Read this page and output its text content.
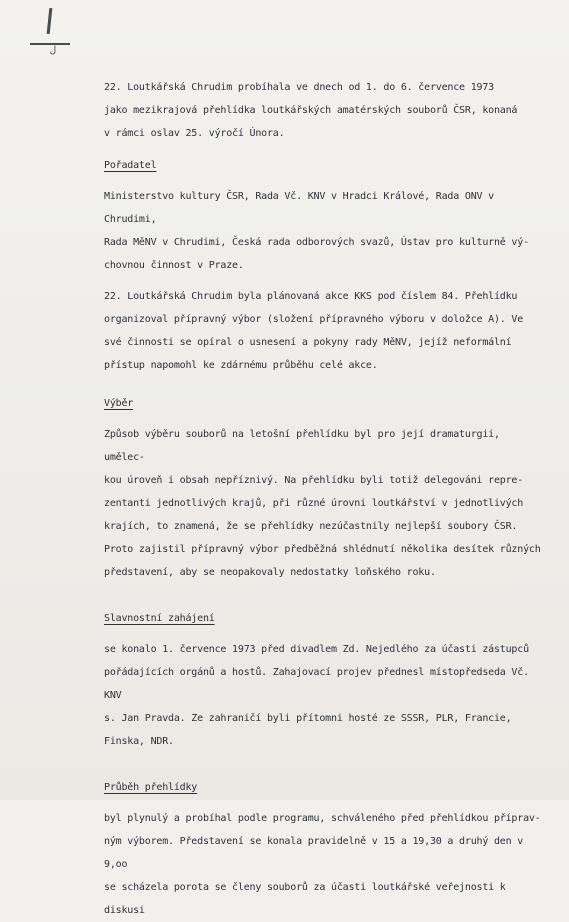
ل

22. Loutkářská Chrudim probíhala ve dnech od 1. do 6. července 1973
jako mezikrajová přehlídka loutkářských amatérských souborů ČSR, konaná
v rámci oslav 25. výročí Února.

Pořadatel

Ministerstvo kultury ČSR, Rada Vč. KNV v Hradci Králové, Rada ONV v Chrudimi,
Rada MěNV v Chrudimi, Česká rada odborových svazů, Ústav pro kulturně vý-
chovnou činnost v Praze.

22. Loutkářská Chrudim byla plánovaná akce KKS pod číslem 84. Přehlídku
organizoval přípravný výbor (složení přípravného výboru v doložce A). Ve
své činnosti se opíral o usnesení a pokyny rady MěNV, jejíž neformální
přístup napomohl ke zdárnému průběhu celé akce.

Výběr

Způsob výběru souborů na letošní přehlídku byl pro její dramaturgii, uměleс-
kou úroveň i obsah nepříznivý. Na přehlídku byli totiž delegováni repre-
zentanti jednotlivých krajů, při různé úrovni loutkářství v jednotlivých
krajích, to znamená, že se přehlídky nezúčastnily nejlepší soubory ČSR.
Proto zajistil přípravný výbor předběžná shlédnutí několika desítek různých
představení, aby se neopakovaly nedostatky loňského roku.

Slavnostní zahájení

se konalo 1. července 1973 před divadlem Zd. Nejedlého za účasti zástupců
pořádajících orgánů a hostů. Zahajovací projev přednesl místopředseda Vč. KNV
s. Jan Pravda. Ze zahraničí byli přítomni hosté ze SSSR, PLR, Francie,
Finska, NDR.

Průběh přehlídky

byl plynulý a probíhal podle programu, schváleného před přehlídkou příprav-
ným výborem. Představení se konala pravidelně v 15 a 19,30 a druhý den v 9,oo
se scházela porota se členy souborů za účasti loutkářské veřejnosti k diskusi
